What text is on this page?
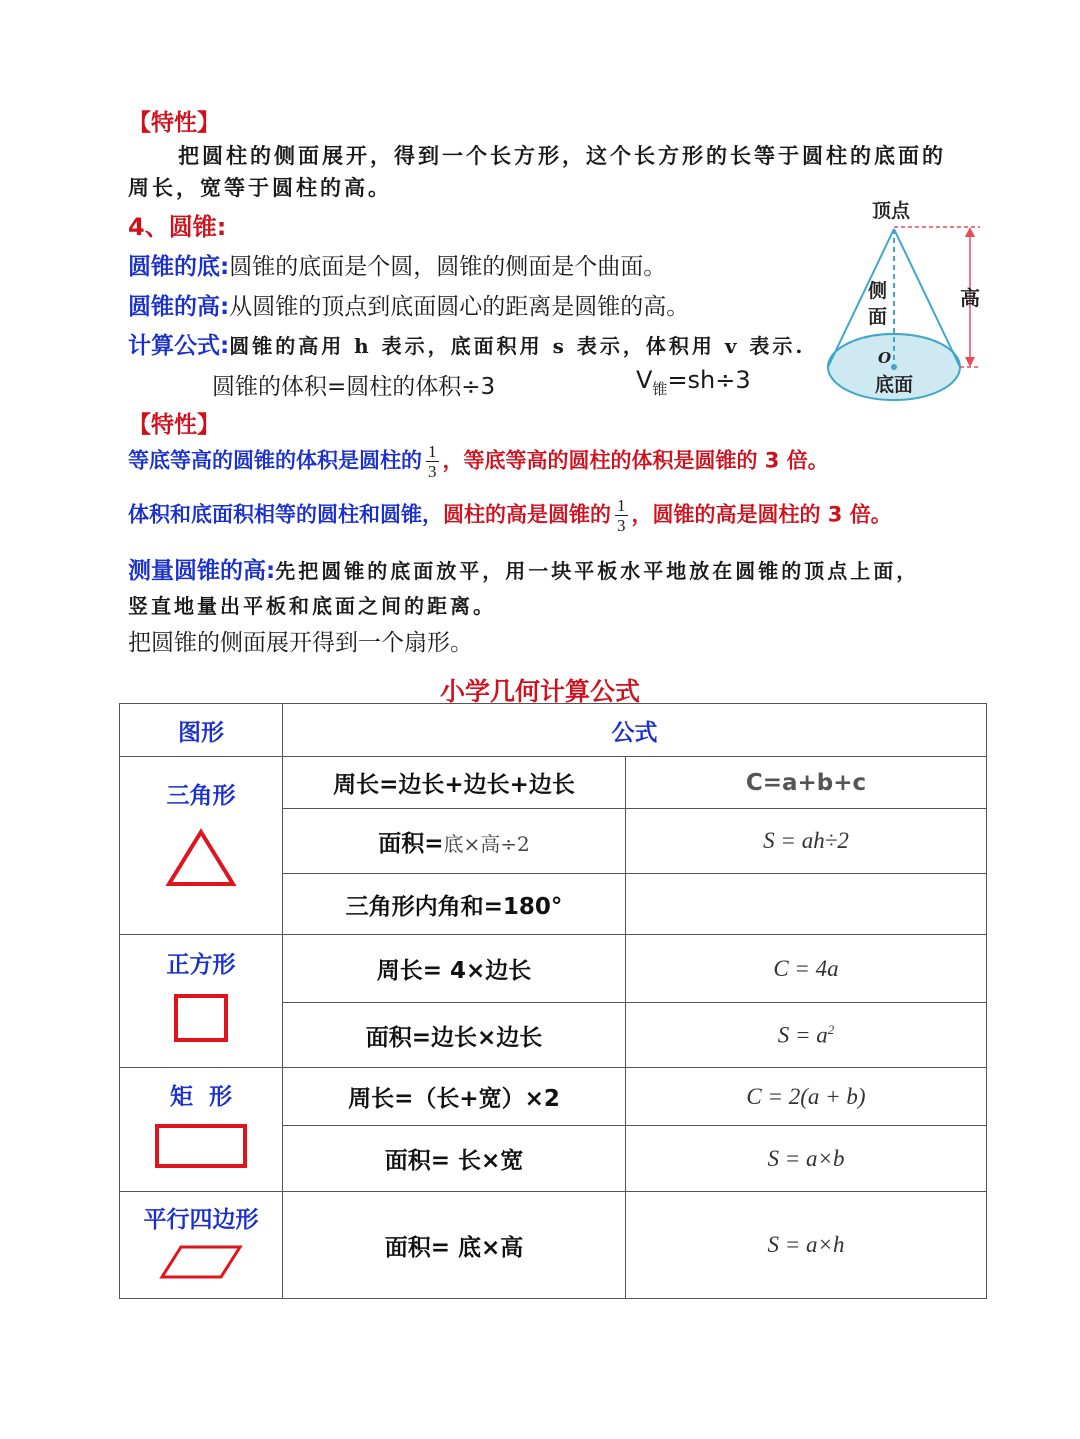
【特性】
把圆柱的侧面展开，得到一个长方形，这个长方形的长等于圆柱的底面的
周长，宽等于圆柱的高。
4、圆锥:
圆锥的底:圆锥的底面是个圆，圆锥的侧面是个曲面。
圆锥的高:从圆锥的顶点到底面圆心的距离是圆锥的高。
计算公式:圆锥的高用 h 表示，底面积用 s 表示，体积用 v 表示.
圆锥的体积=圆柱的体积÷3	$V_锥=sh\div 3$
顶点
侧
面
高
O
底面
【特性】
等底等高的圆锥的体积是圆柱的 $\frac{1}{3}$ ，等底等高的圆柱的体积是圆锥的 3 倍。
体积和底面积相等的圆柱和圆锥，圆柱的高是圆锥的 $\frac{1}{3}$ ，圆锥的高是圆柱的 3 倍。
测量圆锥的高:先把圆锥的底面放平，用一块平板水平地放在圆锥的顶点上面，
竖直地量出平板和底面之间的距离。
把圆锥的侧面展开得到一个扇形。
小学几何计算公式
图形	公式	

三角形	周长=边长+边长+边长	C=a+b+c
	面积=底×高÷2	S = ah÷2
	三角形内角和=180°	

正方形	周长= 4×边长	C = 4a
	面积=边长×边长	$S = a^2$

矩  形	周长=（长+宽）×2	C = 2(a + b)
	面积= 长×宽	S = a×b

平行四边形	面积= 底×高	S = a×h
